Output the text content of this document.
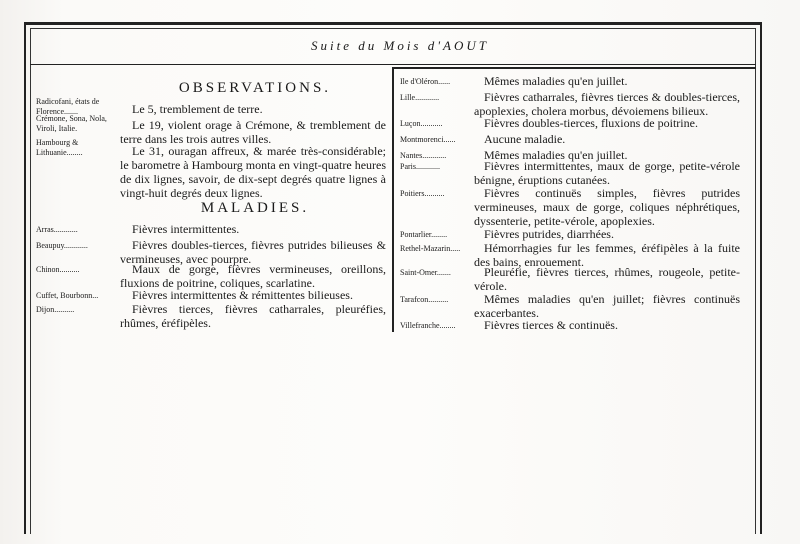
Suite du Mois d'AOUT
OBSERVATIONS.
Radicofani, états de Florence.......	Le 5, tremblement de terre.
Crémone, Sona, Nola, Viroli, Italie.	Le 19, violent orage à Crémone, & tremblement de terre dans les trois autres villes.
Hambourg & Lithuanie........	Le 31, ouragan affreux, & marée très-considérable; le barometre à Hambourg monta en vingt-quatre heures de dix lignes, savoir, de dix-sept degrés quatre lignes à vingt-huit degrés deux lignes.
MALADIES.
Arras............	Fièvres intermittentes.
Beaupuy............	Fièvres doubles-tierces, fièvres putrides bilieuses & vermineuses, avec pourpre.
Chinon..........	Maux de gorge, fièvres vermineuses, oreillons, fluxions de poitrine, coliques, scarlatine.
Cuffet, Bourbonn...	Fièvres intermittentes & rémittentes bilieuses.
Dijon..........	Fièvres tierces, fièvres catharrales, pleuréfies, rhûmes, éréfipèles.
Ile d'Oléron......	Mêmes maladies qu'en juillet.
Lille............	Fièvres catharrales, fièvres tierces & doubles-tierces, apoplexies, cholera morbus, dévoiemens bilieux.
Luçon...........	Fièvres doubles-tierces, fluxions de poitrine.
Montmorenci...... Aucune maladie.
Nantes............	Mêmes maladies qu'en juillet.
Paris............	Fièvres intermittentes, maux de gorge, petite-vérole bénigne, éruptions cutanées.
Poitiers..........	Fièvres continuës simples, fièvres putrides vermineuses, maux de gorge, coliques néphrétiques, dyssenterie, petite-vérole, apoplexies.
Pontarlier........	Fièvres putrides, diarrhées.
Rethel-Mazarin.....	Hémorrhagies fur les femmes, éréfipèles à la fuite des bains, enrouement.
Saint-Omer.......	Pleuréfie, fièvres tierces, rhûmes, rougeole, petite-vérole.
Tarafcon..........	Mêmes maladies qu'en juillet; fièvres continuës exacerbantes.
Villefranche........ Fièvres tierces & continuës.
